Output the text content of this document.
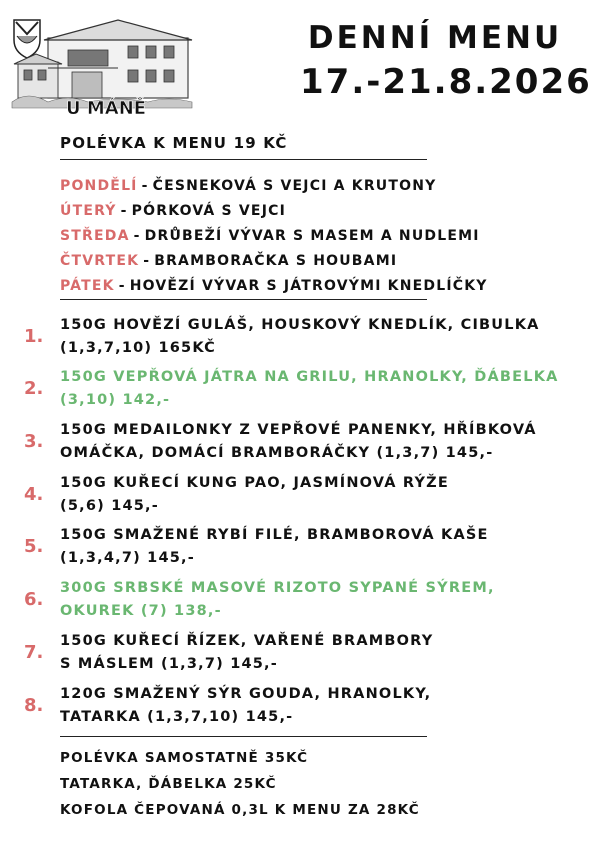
U MÁNĚ
DENNÍ MENU
17.-21.8.2026
POLÉVKA K MENU 19 KČ
PONDĚLÍ - ČESNEKOVÁ S VEJCI A KRUTONY
ÚTERÝ - PÓRKOVÁ S VEJCI
STŘEDA - DRŮBEŽÍ VÝVAR S MASEM A NUDLEMI
ČTVRTEK - BRAMBORAČKA S HOUBAMI
PÁTEK - HOVĚZÍ VÝVAR S JÁTROVÝMI KNEDLÍČKY
1.
150G HOVĚZÍ GULÁŠ, HOUSKOVÝ KNEDLÍK, CIBULKA
(1,3,7,10) 165KČ
2.
150G VEPŘOVÁ JÁTRA NA GRILU, HRANOLKY, ĎÁBELKA
(3,10) 142,-
3.
150G MEDAILONKY Z VEPŘOVÉ PANENKY, HŘÍBKOVÁ
OMÁČKA, DOMÁCÍ BRAMBORÁČKY (1,3,7) 145,-
4.
150G KUŘECÍ KUNG PAO, JASMÍNOVÁ RÝŽE
(5,6) 145,-
5.
150G SMAŽENÉ RYBÍ FILÉ, BRAMBOROVÁ KAŠE
(1,3,4,7) 145,-
6.
300G SRBSKÉ MASOVÉ RIZOTO SYPANÉ SÝREM,
OKUREK (7) 138,-
7.
150G KUŘECÍ ŘÍZEK, VAŘENÉ BRAMBORY
S MÁSLEM (1,3,7) 145,-
8.
120G SMAŽENÝ SÝR GOUDA, HRANOLKY,
TATARKA (1,3,7,10) 145,-
POLÉVKA SAMOSTATNĚ 35KČ
TATARKA, ĎÁBELKA 25KČ
KOFOLA ČEPOVANÁ 0,3L K MENU ZA 28KČ
